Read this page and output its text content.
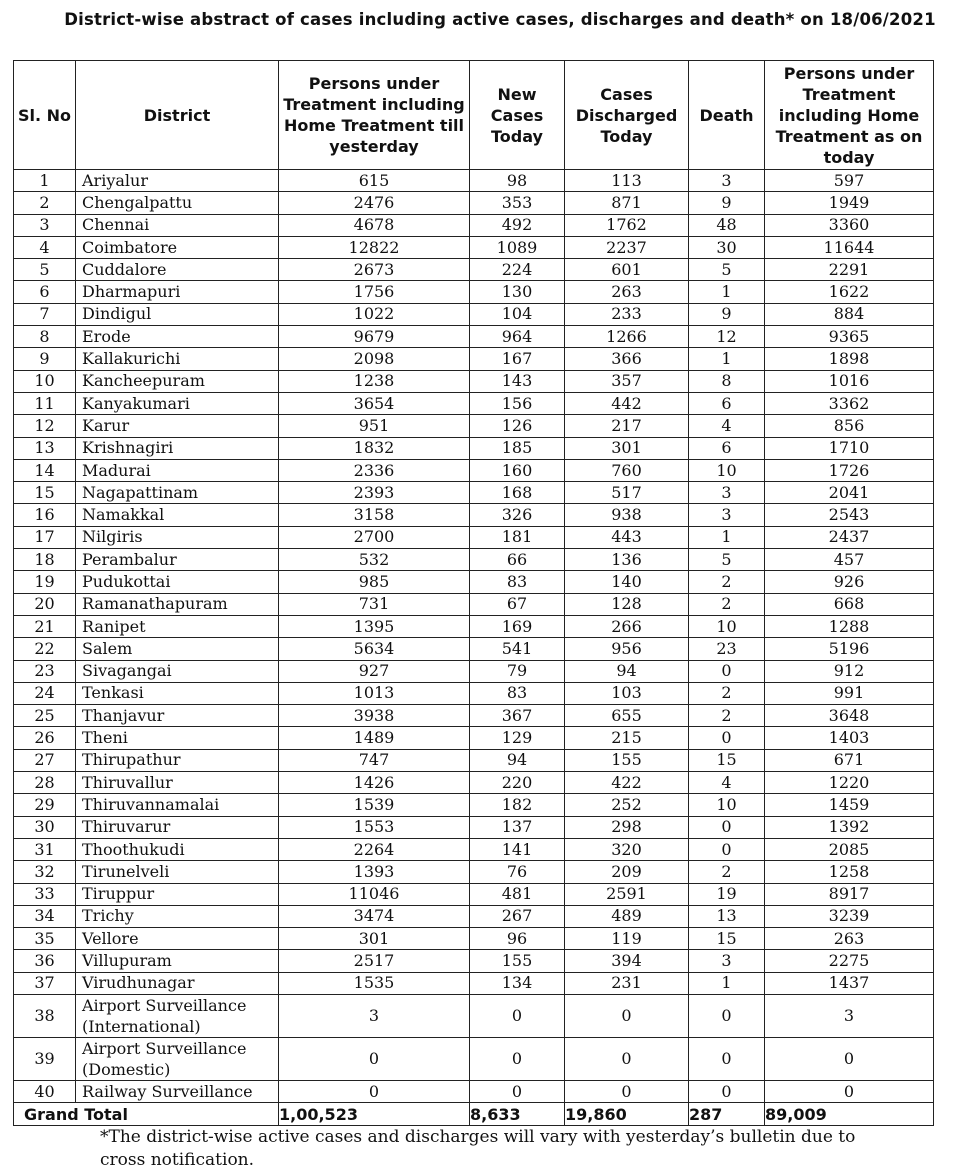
District-wise abstract of cases including active cases, discharges and death* on 18/06/2021
Sl. No	District	Persons under Treatment including Home Treatment till yesterday	New Cases Today	Cases Discharged Today	Death	Persons under Treatment including Home Treatment as on today
1	Ariyalur	615	98	113	3	597
2	Chengalpattu	2476	353	871	9	1949
3	Chennai	4678	492	1762	48	3360
4	Coimbatore	12822	1089	2237	30	11644
5	Cuddalore	2673	224	601	5	2291
6	Dharmapuri	1756	130	263	1	1622
7	Dindigul	1022	104	233	9	884
8	Erode	9679	964	1266	12	9365
9	Kallakurichi	2098	167	366	1	1898
10	Kancheepuram	1238	143	357	8	1016
11	Kanyakumari	3654	156	442	6	3362
12	Karur	951	126	217	4	856
13	Krishnagiri	1832	185	301	6	1710
14	Madurai	2336	160	760	10	1726
15	Nagapattinam	2393	168	517	3	2041
16	Namakkal	3158	326	938	3	2543
17	Nilgiris	2700	181	443	1	2437
18	Perambalur	532	66	136	5	457
19	Pudukottai	985	83	140	2	926
20	Ramanathapuram	731	67	128	2	668
21	Ranipet	1395	169	266	10	1288
22	Salem	5634	541	956	23	5196
23	Sivagangai	927	79	94	0	912
24	Tenkasi	1013	83	103	2	991
25	Thanjavur	3938	367	655	2	3648
26	Theni	1489	129	215	0	1403
27	Thirupathur	747	94	155	15	671
28	Thiruvallur	1426	220	422	4	1220
29	Thiruvannamalai	1539	182	252	10	1459
30	Thiruvarur	1553	137	298	0	1392
31	Thoothukudi	2264	141	320	0	2085
32	Tirunelveli	1393	76	209	2	1258
33	Tiruppur	11046	481	2591	19	8917
34	Trichy	3474	267	489	13	3239
35	Vellore	301	96	119	15	263
36	Villupuram	2517	155	394	3	2275
37	Virudhunagar	1535	134	231	1	1437
38	Airport Surveillance (International)	3	0	0	0	3
39	Airport Surveillance (Domestic)	0	0	0	0	0
40	Railway Surveillance	0	0	0	0	0
Grand Total		1,00,523	8,633	19,860	287	89,009
*The district-wise active cases and discharges will vary with yesterday’s bulletin due to cross notification.
